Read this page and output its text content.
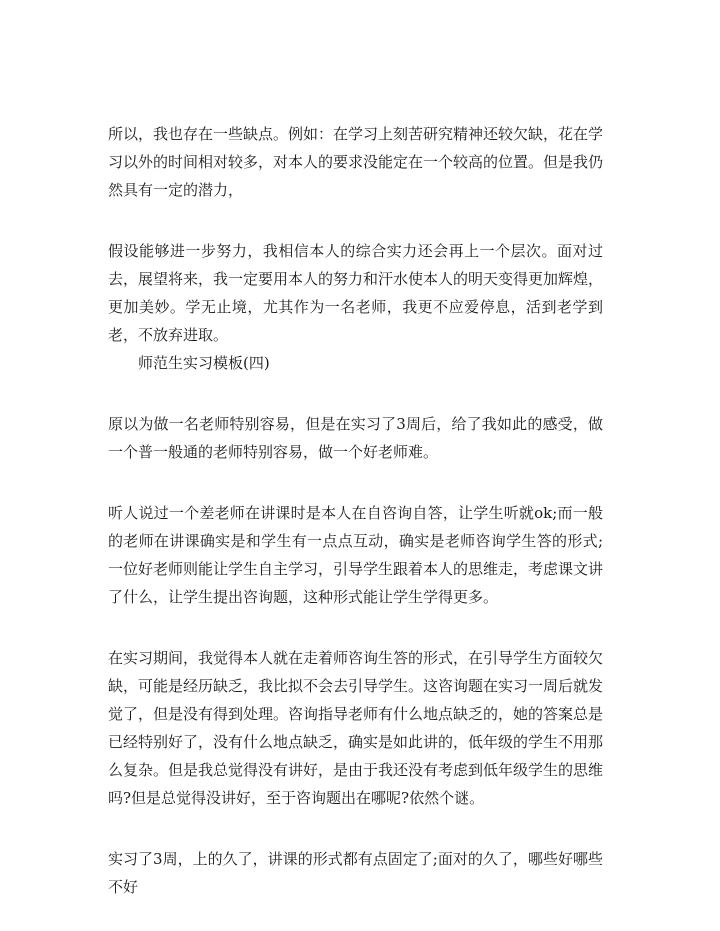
所以，我也存在一些缺点。例如：在学习上刻苦研究精神还较欠缺，花在学习以外的时间相对较多，对本人的要求没能定在一个较高的位置。但是我仍然具有一定的潜力，

假设能够进一步努力，我相信本人的综合实力还会再上一个层次。面对过去，展望将来，我一定要用本人的努力和汗水使本人的明天变得更加辉煌，更加美妙。学无止境，尤其作为一名老师，我更不应爱停息，活到老学到老，不放弃进取。

师范生实习模板(四)

原以为做一名老师特别容易，但是在实习了3周后，给了我如此的感受，做一个普一般通的老师特别容易，做一个好老师难。

听人说过一个差老师在讲课时是本人在自咨询自答，让学生听就ok;而一般的老师在讲课确实是和学生有一点点互动，确实是老师咨询学生答的形式;一位好老师则能让学生自主学习，引导学生跟着本人的思维走，考虑课文讲了什么，让学生提出咨询题，这种形式能让学生学得更多。

在实习期间，我觉得本人就在走着师咨询生答的形式，在引导学生方面较欠缺，可能是经历缺乏，我比拟不会去引导学生。这咨询题在实习一周后就发觉了，但是没有得到处理。咨询指导老师有什么地点缺乏的，她的答案总是已经特别好了，没有什么地点缺乏，确实是如此讲的，低年级的学生不用那么复杂。但是我总觉得没有讲好，是由于我还没有考虑到低年级学生的思维吗?但是总觉得没讲好，至于咨询题出在哪呢?依然个谜。

实习了3周，上的久了，讲课的形式都有点固定了;面对的久了，哪些好哪些不好
